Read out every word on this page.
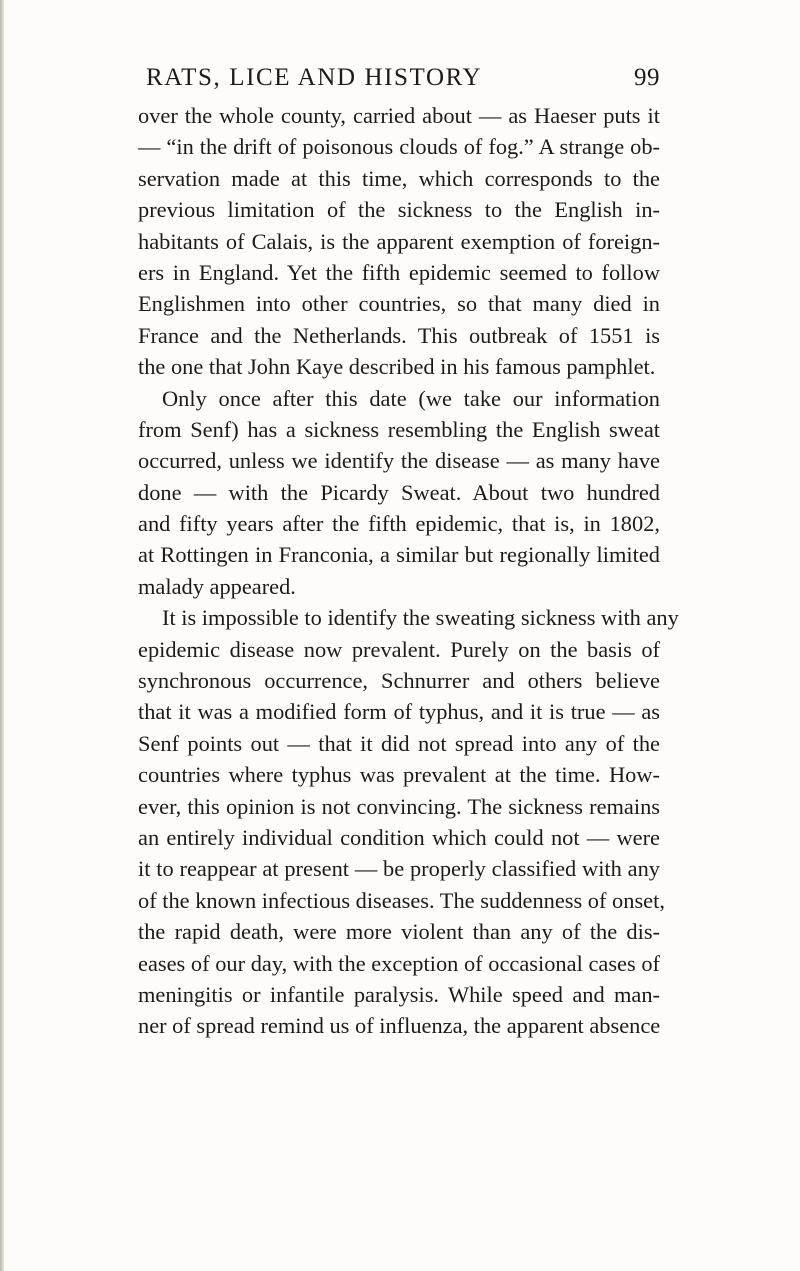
RATS, LICE AND HISTORY	99
over the whole county, carried about — as Haeser puts it
— “in the drift of poisonous clouds of fog.” A strange ob-
servation made at this time, which corresponds to the
previous limitation of the sickness to the English in-
habitants of Calais, is the apparent exemption of foreign-
ers in England. Yet the fifth epidemic seemed to follow
Englishmen into other countries, so that many died in
France and the Netherlands. This outbreak of 1551 is
the one that John Kaye described in his famous pamphlet.
Only once after this date (we take our information
from Senf) has a sickness resembling the English sweat
occurred, unless we identify the disease — as many have
done — with the Picardy Sweat. About two hundred
and fifty years after the fifth epidemic, that is, in 1802,
at Rottingen in Franconia, a similar but regionally limited
malady appeared.
It is impossible to identify the sweating sickness with any
epidemic disease now prevalent. Purely on the basis of
synchronous occurrence, Schnurrer and others believe
that it was a modified form of typhus, and it is true — as
Senf points out — that it did not spread into any of the
countries where typhus was prevalent at the time. How-
ever, this opinion is not convincing. The sickness remains
an entirely individual condition which could not — were
it to reappear at present — be properly classified with any
of the known infectious diseases. The suddenness of onset,
the rapid death, were more violent than any of the dis-
eases of our day, with the exception of occasional cases of
meningitis or infantile paralysis. While speed and man-
ner of spread remind us of influenza, the apparent absence
